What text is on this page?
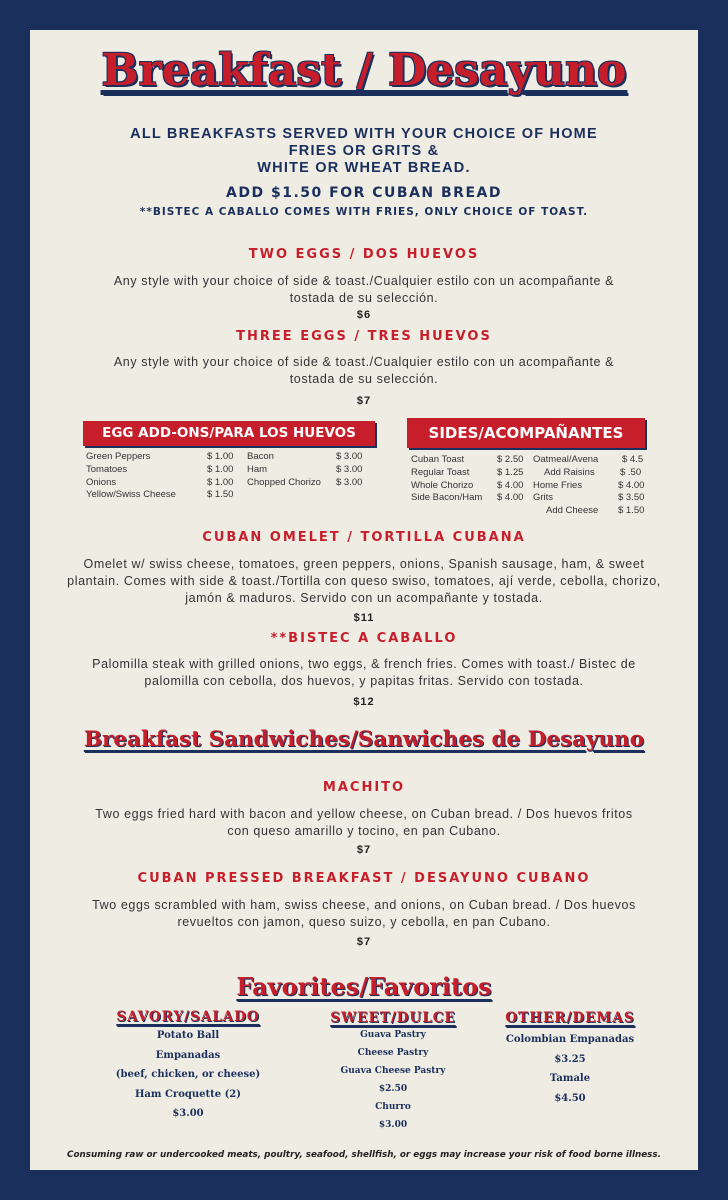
Breakfast / Desayuno
ALL BREAKFASTS SERVED WITH YOUR CHOICE OF HOME
FRIES OR GRITS &
WHITE OR WHEAT BREAD.
ADD $1.50 FOR CUBAN BREAD
**BISTEC A CABALLO COMES WITH FRIES, ONLY CHOICE OF TOAST.
TWO EGGS / DOS HUEVOS
Any style with your choice of side & toast./Cualquier estilo con un acompañante &
tostada de su selección.
$6
THREE EGGS / TRES HUEVOS
Any style with your choice of side & toast./Cualquier estilo con un acompañante &
tostada de su selección.
$7
EGG ADD-ONS/PARA LOS HUEVOS
Green Peppers	$ 1.00
Tomatoes	$ 1.00
Onions	$ 1.00
Yellow/Swiss Cheese	$ 1.50
Bacon	$ 3.00
Ham	$ 3.00
Chopped Chorizo $ 3.00
SIDES/ACOMPAÑANTES
Cuban Toast	$ 2.50
Regular Toast	$ 1.25
Whole Chorizo $ 4.00
Side Bacon/Ham $ 4.00
Oatmeal/Avena $ 4.5
Add Raisins	$ .50
Home Fries	$ 4.00
Grits	$ 3.50
Add Cheese $ 1.50
CUBAN OMELET / TORTILLA CUBANA
Omelet w/ swiss cheese, tomatoes, green peppers, onions, Spanish sausage, ham, & sweet
plantain. Comes with side & toast./Tortilla con queso swiso, tomatoes, ají verde, cebolla, chorizo,
jamón & maduros. Servido con un acompañante y tostada.
$11
**BISTEC A CABALLO
Palomilla steak with grilled onions, two eggs, & french fries. Comes with toast./ Bistec de
palomilla con cebolla, dos huevos, y papitas fritas. Servido con tostada.
$12
Breakfast Sandwiches/Sanwiches de Desayuno
MACHITO
Two eggs fried hard with bacon and yellow cheese, on Cuban bread. / Dos huevos fritos
con queso amarillo y tocino, en pan Cubano.
$7
CUBAN PRESSED BREAKFAST / DESAYUNO CUBANO
Two eggs scrambled with ham, swiss cheese, and onions, on Cuban bread. / Dos huevos
revueltos con jamon, queso suizo, y cebolla, en pan Cubano.
$7
Favorites/Favoritos
SAVORY/SALADO
Potato Ball
Empanadas
(beef, chicken, or cheese)
Ham Croquette (2)
$3.00
SWEET/DULCE
Guava Pastry
Cheese Pastry
Guava Cheese Pastry
$2.50
Churro
$3.00
OTHER/DEMAS
Colombian Empanadas
$3.25
Tamale
$4.50
Consuming raw or undercooked meats, poultry, seafood, shellfish, or eggs may increase your risk of food borne illness.
